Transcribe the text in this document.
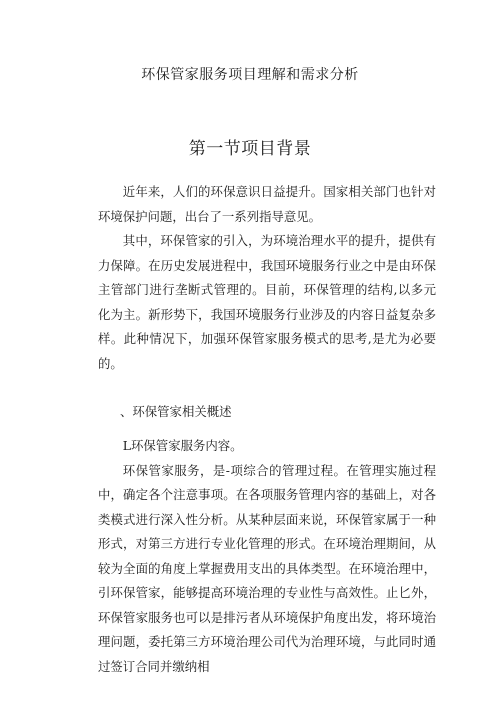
环保管家服务项目理解和需求分析
第一节项目背景

近年来，人们的环保意识日益提升。国家相关部门也针对环境保护问题，出台了一系列指导意见。

其中，环保管家的引入，为环境治理水平的提升，提供有力保障。在历史发展进程中，我国环境服务行业之中是由环保主管部门进行垄断式管理的。目前，环保管理的结构,以多元化为主。新形势下，我国环境服务行业涉及的内容日益复杂多样。此种情况下，加强环保管家服务模式的思考,是尤为必要的。

、环保管家相关概述

L环保管家服务内容。

环保管家服务，是-项综合的管理过程。在管理实施过程中，确定各个注意事项。在各项服务管理内容的基础上，对各类模式进行深入性分析。从某种层面来说，环保管家属于一种形式，对第三方进行专业化管理的形式。在环境治理期间，从较为全面的角度上掌握费用支出的具体类型。在环境治理中，引环保管家，能够提高环境治理的专业性与高效性。止匕外，环保管家服务也可以是排污者从环境保护角度出发，将环境治理问题，委托第三方环境治理公司代为治理环境，与此同时通过签订合同并缴纳相
